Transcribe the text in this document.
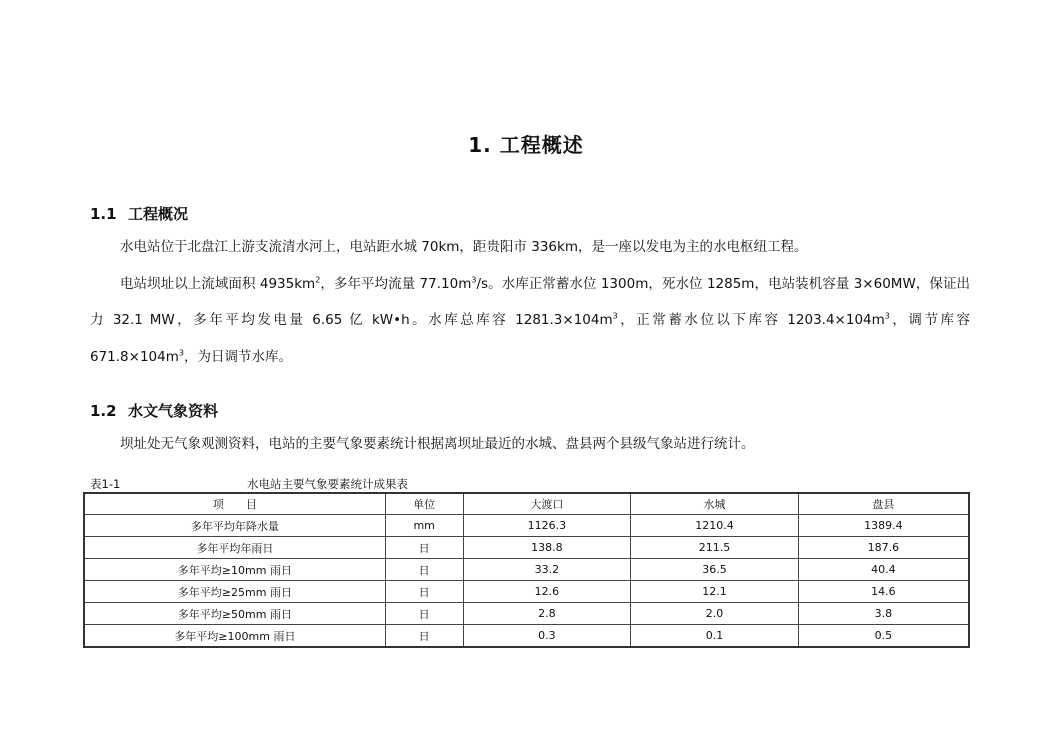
1. 工程概述
1.1 工程概况

水电站位于北盘江上游支流清水河上，电站距水城 70km，距贵阳市 336km，是一座以发电为主的水电枢纽工程。

电站坝址以上流域面积 $4935km^2$，多年平均流量 $77.10m^3/s$。水库正常蓄水位 1300m，死水位 1285m，电站装机容量 3×60MW，保证出力 32.1 MW，多年平均发电量 6.65 亿 kW•h。水库总库容 $1281.3\times 104m^3$，正常蓄水位以下库容 $1203.4\times 104m^3$，调节库容 $671.8\times 104m^3$，为日调节水库。

1.2 水文气象资料

坝址处无气象观测资料，电站的主要气象要素统计根据离坝址最近的水城、盘县两个县级气象站进行统计。

表1-1	水电站主要气象要素统计成果表
项　　目	单位	大渡口	水城	盘县
多年平均年降水量	mm	1126.3	1210.4	1389.4
多年平均年雨日	日	138.8	211.5	187.6
多年平均≥10mm 雨日	日	33.2	36.5	40.4
多年平均≥25mm 雨日	日	12.6	12.1	14.6
多年平均≥50mm 雨日	日	2.8	2.0	3.8
多年平均≥100mm 雨日	日	0.3	0.1	0.5
